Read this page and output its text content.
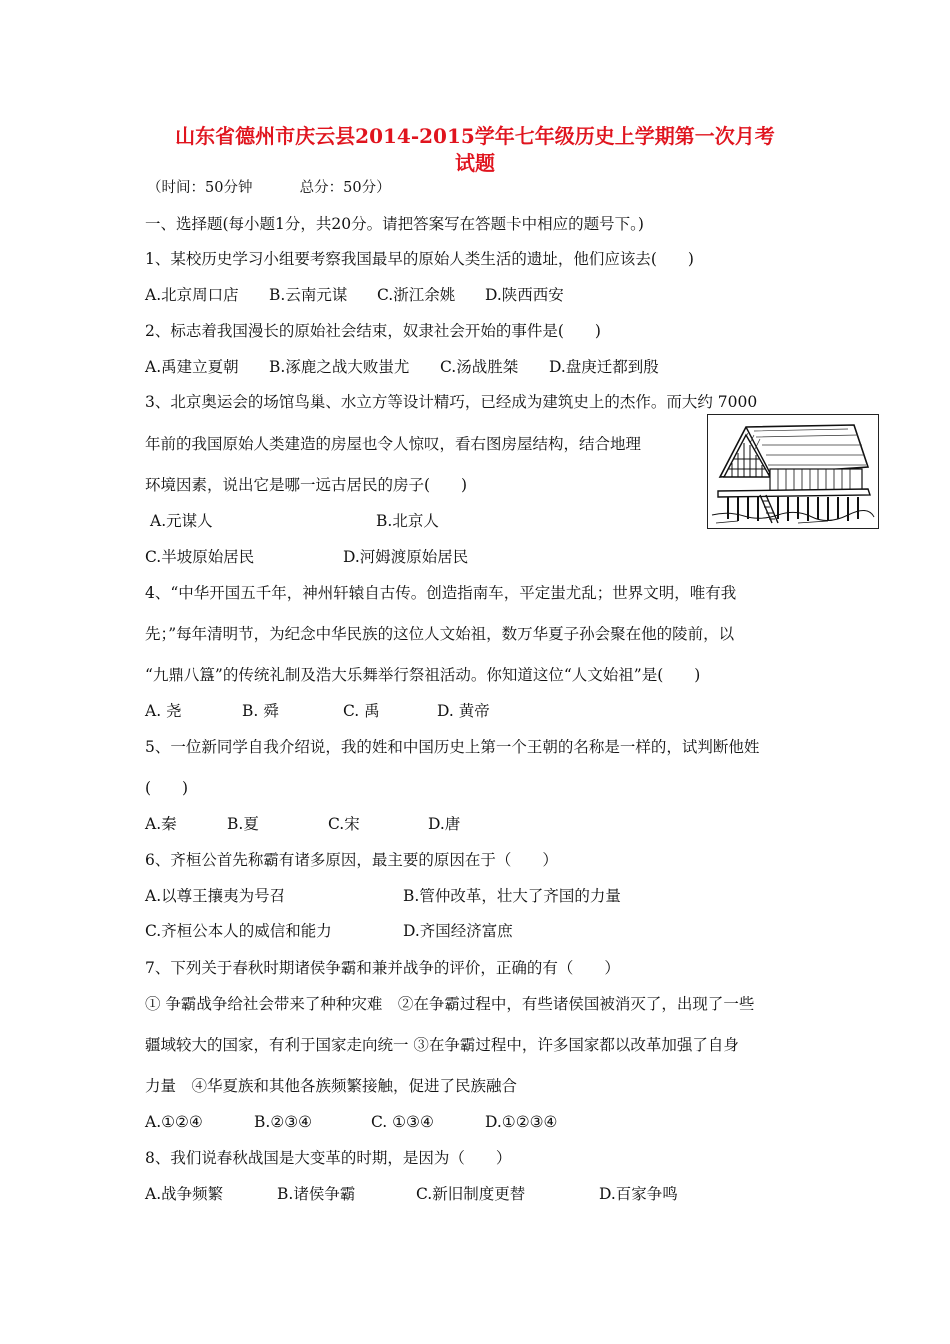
山东省德州市庆云县2014-2015学年七年级历史上学期第一次月考
试题
（时间：50分钟	总分：50分）
一、选择题(每小题1分，共20分。请把答案写在答题卡中相应的题号下。)
1、某校历史学习小组要考察我国最早的原始人类生活的遗址，他们应该去(　　)
A.北京周口店 B.云南元谋 C.浙江余姚 D.陕西西安
2、标志着我国漫长的原始社会结束，奴隶社会开始的事件是(　　)
A.禹建立夏朝 B.涿鹿之战大败蚩尤 C.汤战胜桀 D.盘庚迁都到殷
3、北京奥运会的场馆鸟巢、水立方等设计精巧，已经成为建筑史上的杰作。而大约 7000
年前的我国原始人类建造的房屋也令人惊叹，看右图房屋结构，结合地理
环境因素，说出它是哪一远古居民的房子(　　)
A.元谋人	B.北京人
C.半坡原始居民	D.河姆渡原始居民
4、“中华开国五千年，神州轩辕自古传。创造指南车，平定蚩尤乱；世界文明，唯有我
先；”每年清明节，为纪念中华民族的这位人文始祖，数万华夏子孙会聚在他的陵前，以
“九鼎八簋”的传统礼制及浩大乐舞举行祭祖活动。你知道这位“人文始祖”是(　　)
A. 尧	B. 舜	C. 禹	D. 黄帝
5、一位新同学自我介绍说，我的姓和中国历史上第一个王朝的名称是一样的，试判断他姓
(　　)
A.秦	B.夏	C.宋	D.唐
6、齐桓公首先称霸有诸多原因，最主要的原因在于（　　）
A.以尊王攘夷为号召	B.管仲改革，壮大了齐国的力量
C.齐桓公本人的威信和能力	D.齐国经济富庶
7、下列关于春秋时期诸侯争霸和兼并战争的评价，正确的有（　　）
① 争霸战争给社会带来了种种灾难　②在争霸过程中，有些诸侯国被消灭了，出现了一些
疆域较大的国家，有利于国家走向统一 ③在争霸过程中，许多国家都以改革加强了自身
力量　④华夏族和其他各族频繁接触，促进了民族融合
A.①②④	B.②③④	C. ①③④	D.①②③④
8、我们说春秋战国是大变革的时期，是因为（　　）
A.战争频繁	B.诸侯争霸	C.新旧制度更替	D.百家争鸣
